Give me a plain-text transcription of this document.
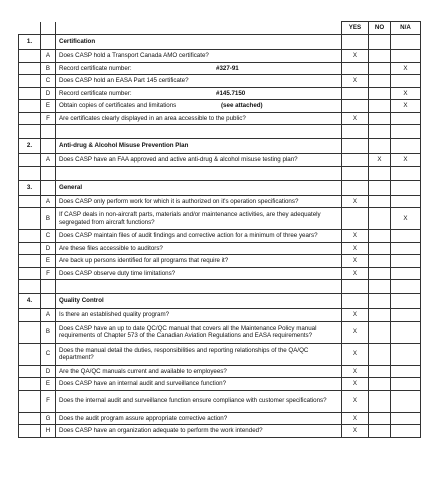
			YES	NO	N/A
1.		Certification			
	A	Does CASP hold a Transport Canada AMO certificate?	X		
	B	Record certificate number: #327-91			X
	C	Does CASP hold an EASA Part 145 certificate?	X		
	D	Record certificate number: #145.7150			X
	E	Obtain copies of certificates and limitations (see attached)			X
	F	Are certificates clearly displayed in an area accessible to the public?	X		

2.		Anti-drug & Alcohol Misuse Prevention Plan			
	A	Does CASP have an FAA approved and active anti-drug & alcohol misuse testing plan?		X	X

3.		General			
	A	Does CASP only perform work for which it is authorized on it's operation specifications?	X		
	B	If CASP deals in non-aircraft parts, materials and/or maintenance activities, are they adequately segregated from aircraft functions?			X
	C	Does CASP maintain files of audit findings and corrective action for a minimum of three years?	X		
	D	Are these files accessible to auditors?	X		
	E	Are back up persons identified for all programs that require it?	X		
	F	Does CASP observe duty time limitations?	X		

4.		Quality Control			
	A	Is there an established quality program?	X		
	B	Does CASP have an up to date QC/QC manual that covers all the Maintenance Policy manual requirements of Chapter 573 of the Canadian Aviation Regulations and EASA requirements?	X		
	C	Does the manual detail the duties, responsibilities and reporting relationships of the QA/QC department?	X		
	D	Are the QA/QC manuals current and available to employees?	X		
	E	Does CASP have an internal audit and surveillance function?	X		
	F	Does the internal audit and surveillance function ensure compliance with customer specifications?	X		
	G	Does the audit program assure appropriate corrective action?	X		
	H	Does CASP have an organization adequate to perform the work intended?	X		
